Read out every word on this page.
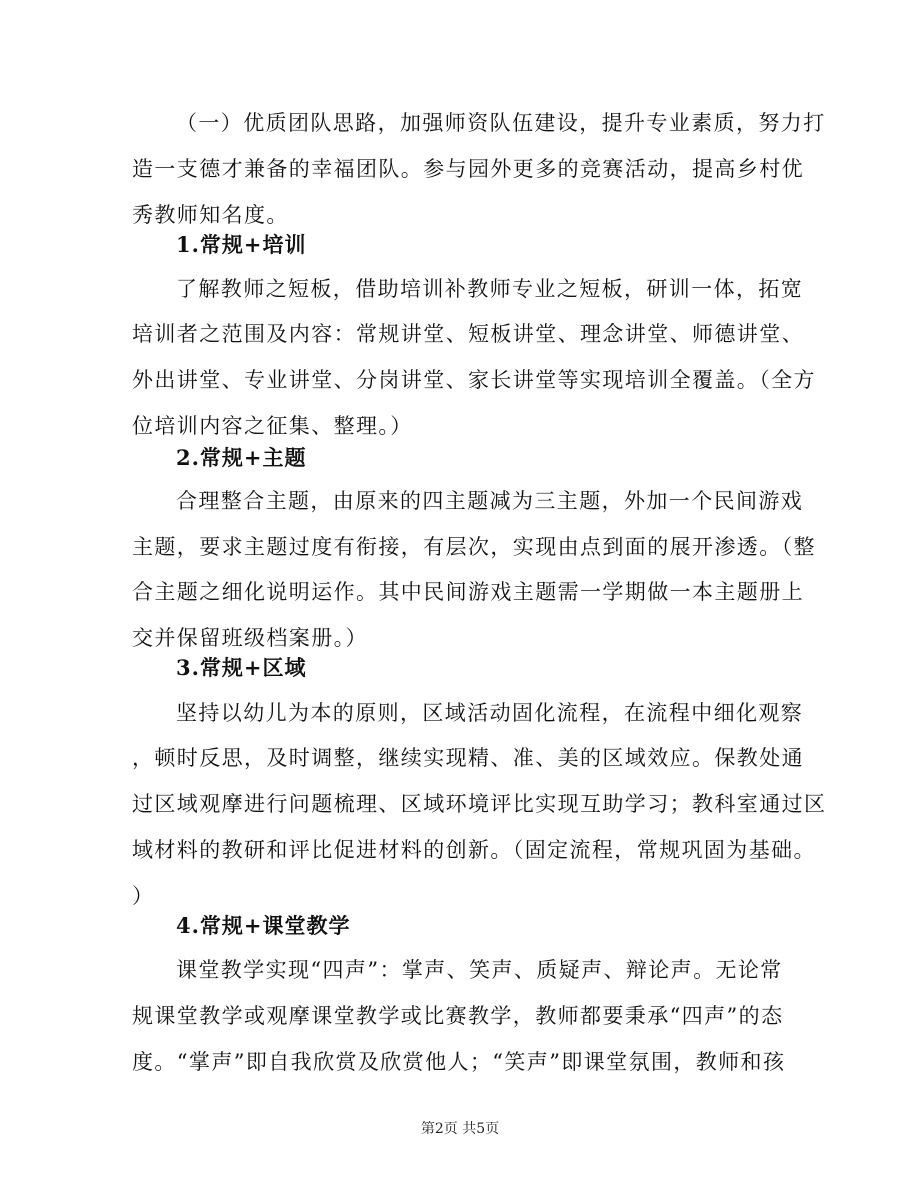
（一）优质团队思路，加强师资队伍建设，提升专业素质，努力打
造一支德才兼备的幸福团队。参与园外更多的竞赛活动，提高乡村优
秀教师知名度。
1.常规+培训
了解教师之短板，借助培训补教师专业之短板，研训一体，拓宽
培训者之范围及内容：常规讲堂、短板讲堂、理念讲堂、师德讲堂、
外出讲堂、专业讲堂、分岗讲堂、家长讲堂等实现培训全覆盖。（全方
位培训内容之征集、整理。）
2.常规+主题
合理整合主题，由原来的四主题减为三主题，外加一个民间游戏
主题，要求主题过度有衔接，有层次，实现由点到面的展开渗透。（整
合主题之细化说明运作。其中民间游戏主题需一学期做一本主题册上
交并保留班级档案册。）
3.常规+区域
坚持以幼儿为本的原则，区域活动固化流程，在流程中细化观察
，顿时反思，及时调整，继续实现精、准、美的区域效应。保教处通
过区域观摩进行问题梳理、区域环境评比实现互助学习；教科室通过区
域材料的教研和评比促进材料的创新。（固定流程，常规巩固为基础。
）
4.常规+课堂教学
课堂教学实现“四声”：掌声、笑声、质疑声、辩论声。无论常
规课堂教学或观摩课堂教学或比赛教学，教师都要秉承“四声”的态
度。“掌声”即自我欣赏及欣赏他人；“笑声”即课堂氛围，教师和孩
第2页 共5页
